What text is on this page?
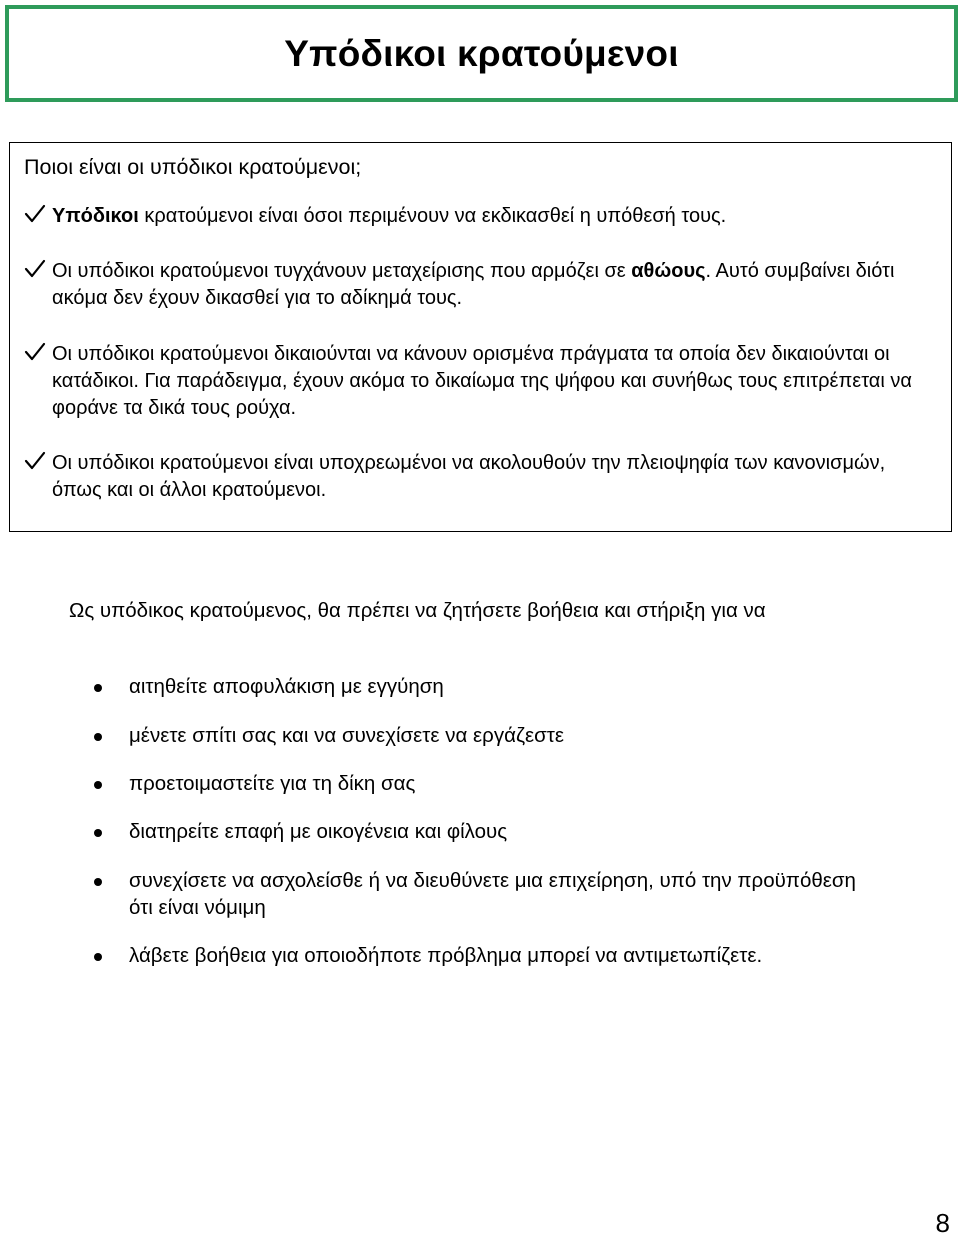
Υπόδικοι κρατούμενοι
Ποιοι είναι οι υπόδικοι κρατούμενοι;
Υπόδικοι κρατούμενοι είναι όσοι περιμένουν να εκδικασθεί η υπόθεσή τους.
Οι υπόδικοι κρατούμενοι τυγχάνουν μεταχείρισης που αρμόζει σε αθώους. Αυτό συμβαίνει διότι ακόμα δεν έχουν δικασθεί για το αδίκημά τους.
Οι υπόδικοι κρατούμενοι δικαιούνται να κάνουν ορισμένα πράγματα τα οποία δεν δικαιούνται οι κατάδικοι. Για παράδειγμα, έχουν ακόμα το δικαίωμα της ψήφου και συνήθως τους επιτρέπεται να φοράνε τα δικά τους ρούχα.
Οι υπόδικοι κρατούμενοι είναι υποχρεωμένοι να ακολουθούν την πλειοψηφία των κανονισμών, όπως και οι άλλοι κρατούμενοι.

Ως υπόδικος κρατούμενος, θα πρέπει να ζητήσετε βοήθεια και στήριξη για να

αιτηθείτε αποφυλάκιση με εγγύηση
μένετε σπίτι σας και να συνεχίσετε να εργάζεστε
προετοιμαστείτε για τη δίκη σας
διατηρείτε επαφή με οικογένεια και φίλους
συνεχίσετε να ασχολείσθε ή να διευθύνετε μια επιχείρηση, υπό την προϋπόθεση ότι είναι νόμιμη
λάβετε βοήθεια για οποιοδήποτε πρόβλημα μπορεί να αντιμετωπίζετε.
8
